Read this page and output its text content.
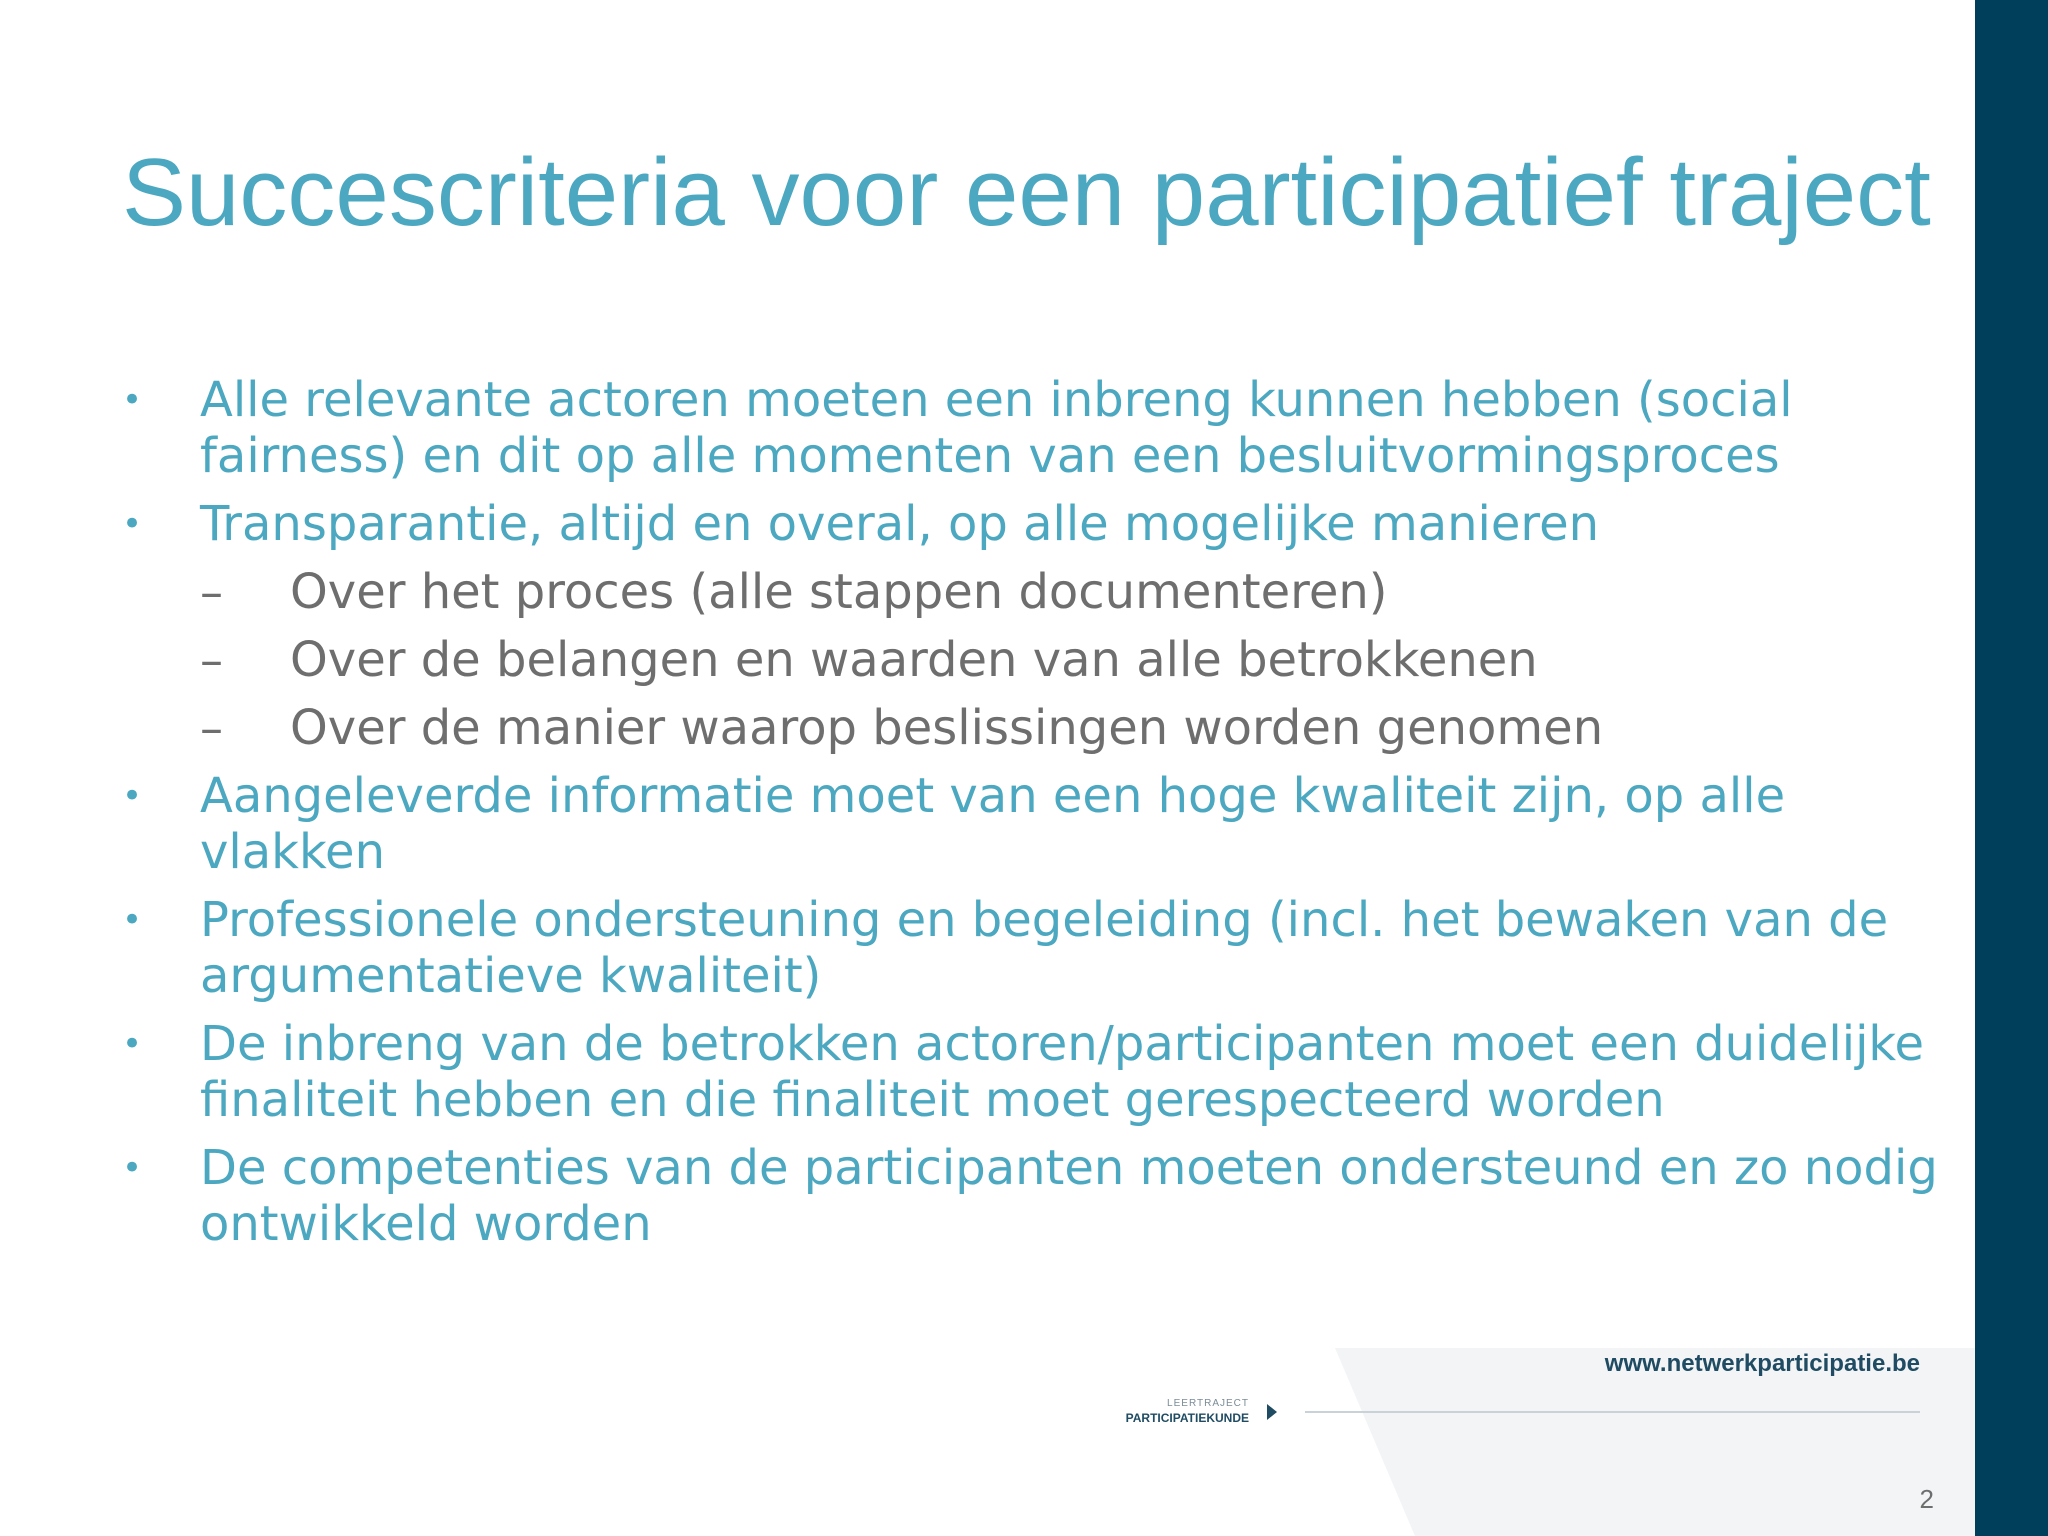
Succescriteria voor een participatief traject
• Alle relevante actoren moeten een inbreng kunnen hebben (social fairness) en dit op alle momenten van een besluitvormingsproces
• Transparantie, altijd en overal, op alle mogelijke manieren
– Over het proces (alle stappen documenteren)
– Over de belangen en waarden van alle betrokkenen
– Over de manier waarop beslissingen worden genomen
• Aangeleverde informatie moet van een hoge kwaliteit zijn, op alle vlakken
• Professionele ondersteuning en begeleiding (incl. het bewaken van de argumentatieve kwaliteit)
• De inbreng van de betrokken actoren/participanten moet een duidelijke finaliteit hebben en die finaliteit moet gerespecteerd worden
• De competenties van de participanten moeten ondersteund en zo nodig ontwikkeld worden
www.netwerkparticipatie.be
LEERTRAJECT
PARTICIPATIEKUNDE
2
